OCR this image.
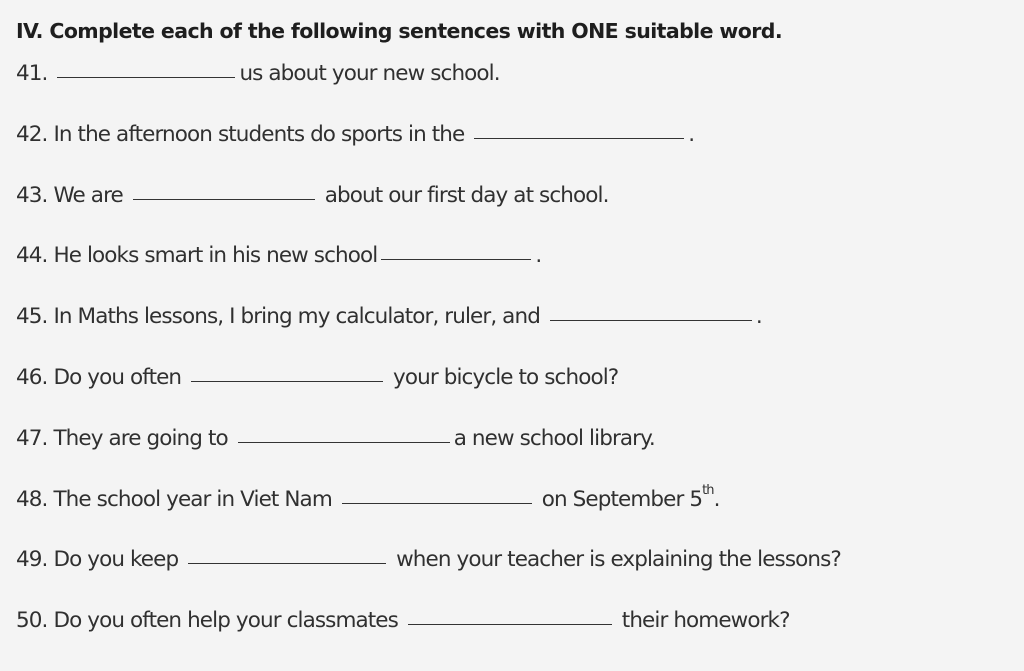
IV. Complete each of the following sentences with ONE suitable word.
41.	us about your new school.
42. In the afternoon students do sports in the	.
43. We are	about our first day at school.
44. He looks smart in his new school	.
45. In Maths lessons, I bring my calculator, ruler, and	.
46. Do you often	your bicycle to school?
47. They are going to	a new school library.
48. The school year in Viet Nam	on September 5th.
49. Do you keep	when your teacher is explaining the lessons?
50. Do you often help your classmates	their homework?
